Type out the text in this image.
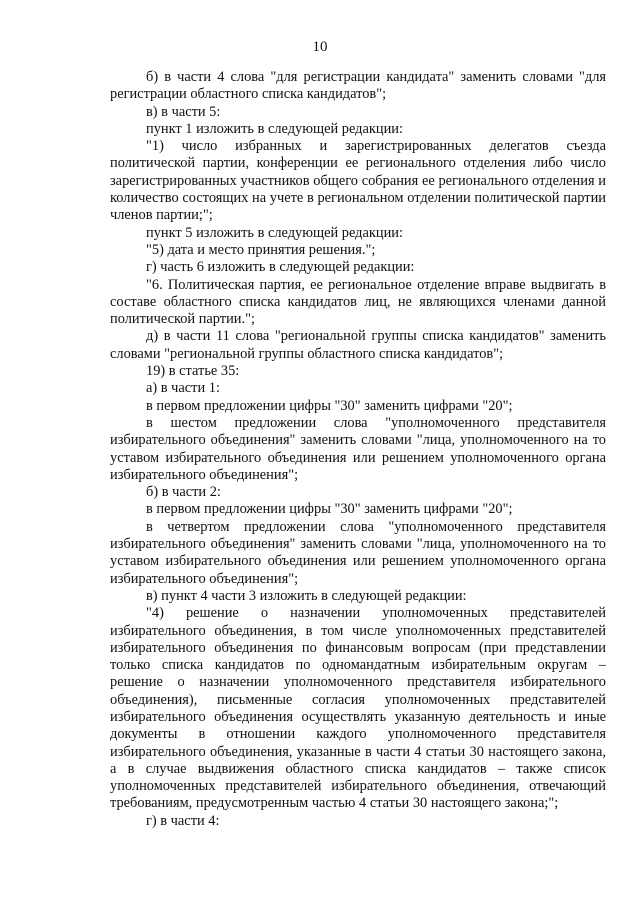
10

б) в части 4 слова "для регистрации кандидата" заменить словами "для регистрации областного списка кандидатов";

в) в части 5:

пункт 1 изложить в следующей редакции:

"1) число избранных и зарегистрированных делегатов съезда политической партии, конференции ее регионального отделения либо число зарегистрированных участников общего собрания ее регионального отделения и количество состоящих на учете в региональном отделении политической партии членов партии;";

пункт 5 изложить в следующей редакции:

"5) дата и место принятия решения.";

г) часть 6 изложить в следующей редакции:

"6. Политическая партия, ее региональное отделение вправе выдвигать в составе областного списка кандидатов лиц, не являющихся членами данной политической партии.";

д) в части 11 слова "региональной группы списка кандидатов" заменить словами "региональной группы областного списка кандидатов";

19) в статье 35:

а) в части 1:

в первом предложении цифры "30" заменить цифрами "20";

в шестом предложении слова "уполномоченного представителя избирательного объединения" заменить словами "лица, уполномоченного на то уставом избирательного объединения или решением уполномоченного органа избирательного объединения";

б) в части 2:

в первом предложении цифры "30" заменить цифрами "20";

в четвертом предложении слова "уполномоченного представителя избирательного объединения" заменить словами "лица, уполномоченного на то уставом избирательного объединения или решением уполномоченного органа избирательного объединения";

в) пункт 4 части 3 изложить в следующей редакции:

"4) решение о назначении уполномоченных представителей избирательного объединения, в том числе уполномоченных представителей избирательного объединения по финансовым вопросам (при представлении только списка кандидатов по одномандатным избирательным округам – решение о назначении уполномоченного представителя избирательного объединения), письменные согласия уполномоченных представителей избирательного объединения осуществлять указанную деятельность и иные документы в отношении каждого уполномоченного представителя избирательного объединения, указанные в части 4 статьи 30 настоящего закона, а в случае выдвижения областного списка кандидатов – также список уполномоченных представителей избирательного объединения, отвечающий требованиям, предусмотренным частью 4 статьи 30 настоящего закона;";

г) в части 4:
